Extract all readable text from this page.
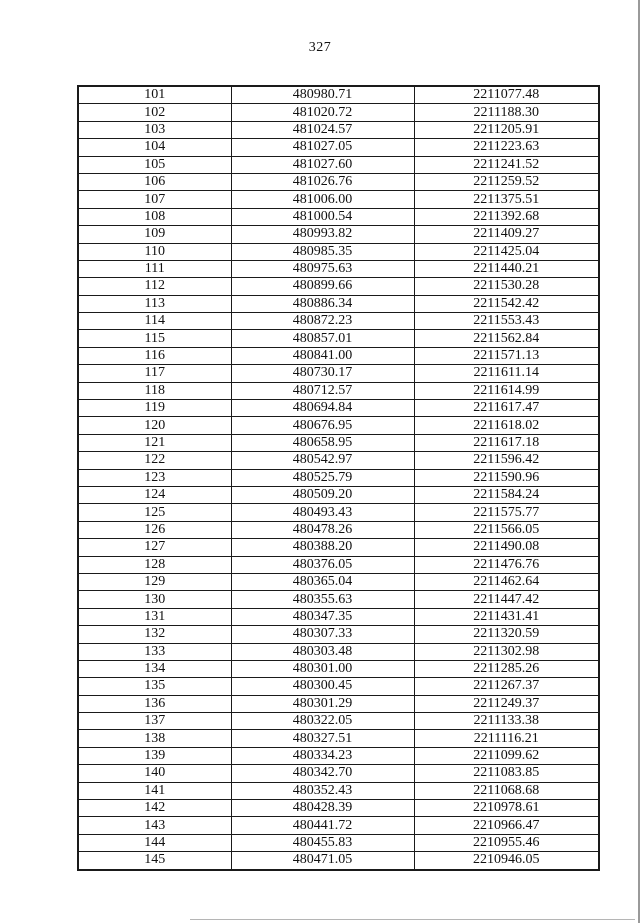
327
101	480980.71	2211077.48
102	481020.72	2211188.30
103	481024.57	2211205.91
104	481027.05	2211223.63
105	481027.60	2211241.52
106	481026.76	2211259.52
107	481006.00	2211375.51
108	481000.54	2211392.68
109	480993.82	2211409.27
110	480985.35	2211425.04
111	480975.63	2211440.21
112	480899.66	2211530.28
113	480886.34	2211542.42
114	480872.23	2211553.43
115	480857.01	2211562.84
116	480841.00	2211571.13
117	480730.17	2211611.14
118	480712.57	2211614.99
119	480694.84	2211617.47
120	480676.95	2211618.02
121	480658.95	2211617.18
122	480542.97	2211596.42
123	480525.79	2211590.96
124	480509.20	2211584.24
125	480493.43	2211575.77
126	480478.26	2211566.05
127	480388.20	2211490.08
128	480376.05	2211476.76
129	480365.04	2211462.64
130	480355.63	2211447.42
131	480347.35	2211431.41
132	480307.33	2211320.59
133	480303.48	2211302.98
134	480301.00	2211285.26
135	480300.45	2211267.37
136	480301.29	2211249.37
137	480322.05	2211133.38
138	480327.51	2211116.21
139	480334.23	2211099.62
140	480342.70	2211083.85
141	480352.43	2211068.68
142	480428.39	2210978.61
143	480441.72	2210966.47
144	480455.83	2210955.46
145	480471.05	2210946.05
